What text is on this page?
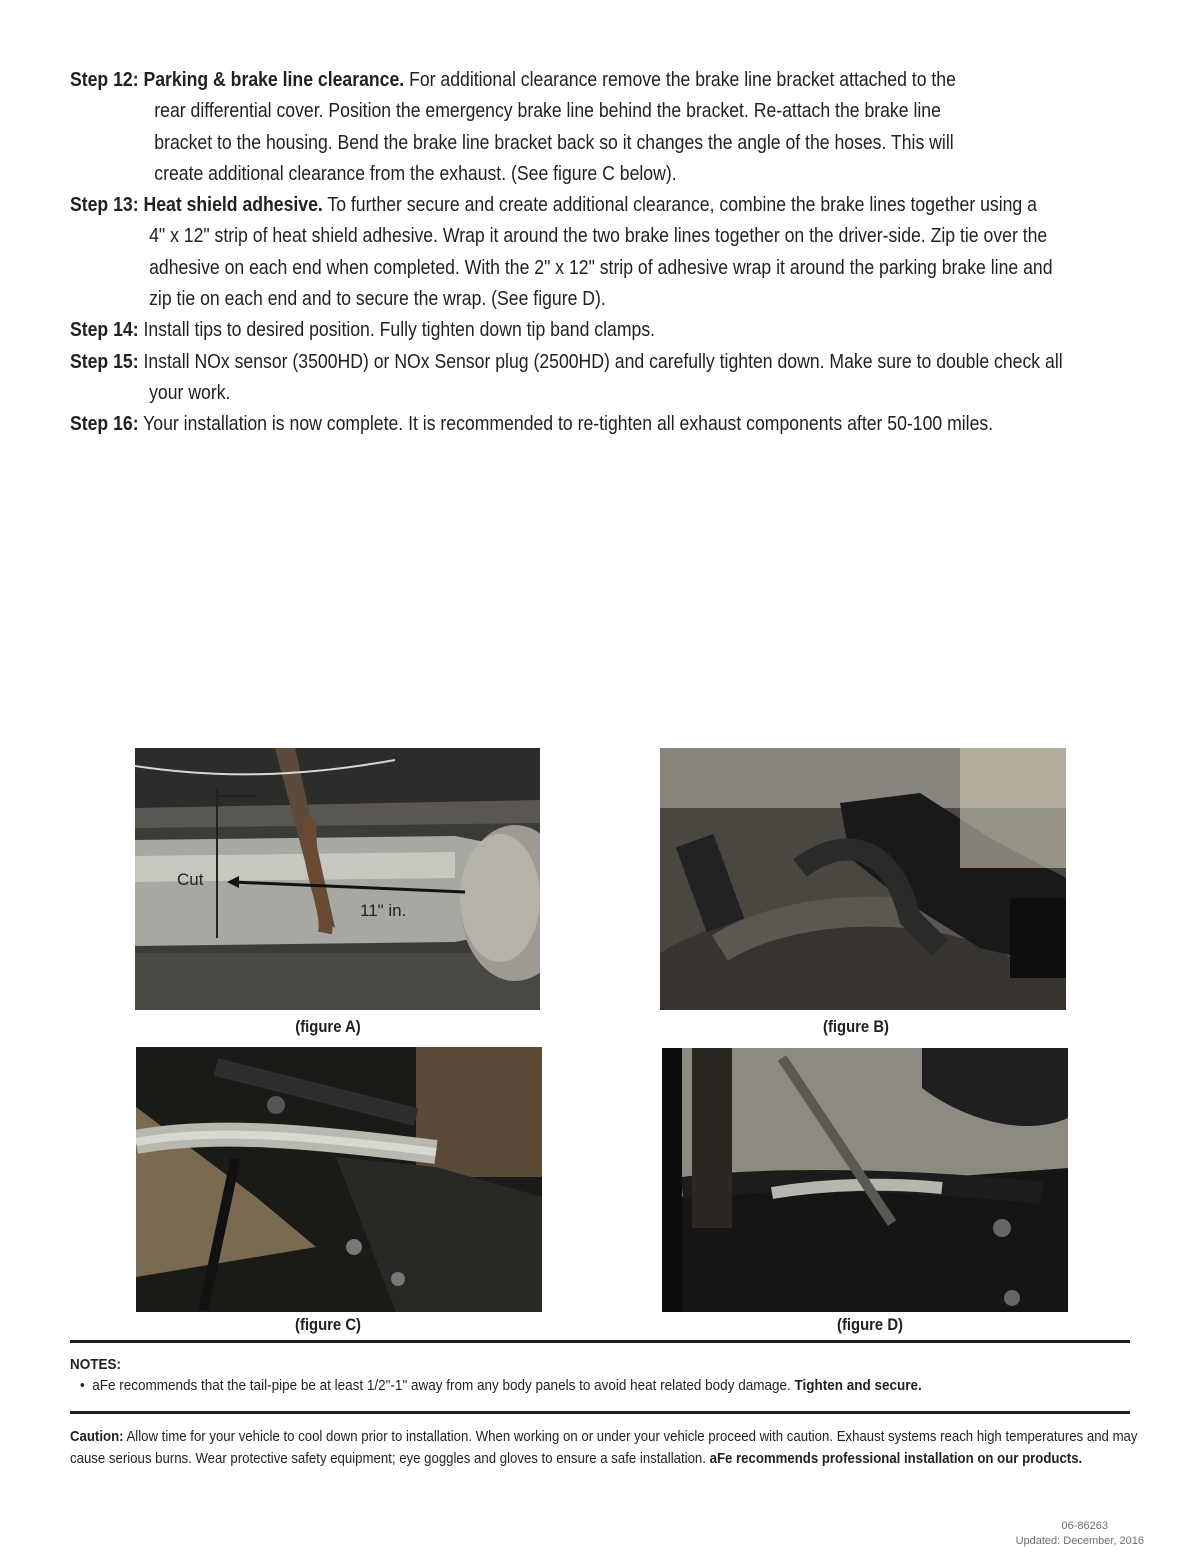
Step 12: Parking & brake line clearance. For additional clearance remove the brake line bracket attached to the
rear differential cover. Position the emergency brake line behind the bracket. Re-attach the brake line
bracket to the housing. Bend the brake line bracket back so it changes the angle of the hoses. This will
create additional clearance from the exhaust. (See figure C below).
Step 13: Heat shield adhesive. To further secure and create additional clearance, combine the brake lines together using a
4" x 12" strip of heat shield adhesive. Wrap it around the two brake lines together on the driver-side. Zip tie over the
adhesive on each end when completed. With the 2" x 12" strip of adhesive wrap it around the parking brake line and
zip tie on each end and to secure the wrap. (See figure D).
Step 14: Install tips to desired position. Fully tighten down tip band clamps.
Step 15: Install NOx sensor (3500HD) or NOx Sensor plug (2500HD) and carefully tighten down. Make sure to double check all
your work.
Step 16: Your installation is now complete. It is recommended to re-tighten all exhaust components after 50-100 miles.
Cut
11" in.
(figure A)	(figure B)
(figure C)	(figure D)
NOTES:
•  aFe recommends that the tail-pipe be at least 1/2"-1" away from any body panels to avoid heat related body damage. Tighten and secure.
Caution: Allow time for your vehicle to cool down prior to installation. When working on or under your vehicle proceed with caution. Exhaust systems reach high temperatures and may cause serious burns. Wear protective safety equipment; eye goggles and gloves to ensure a safe installation. aFe recommends professional installation on our products.
06-86263
Updated: December, 2016
